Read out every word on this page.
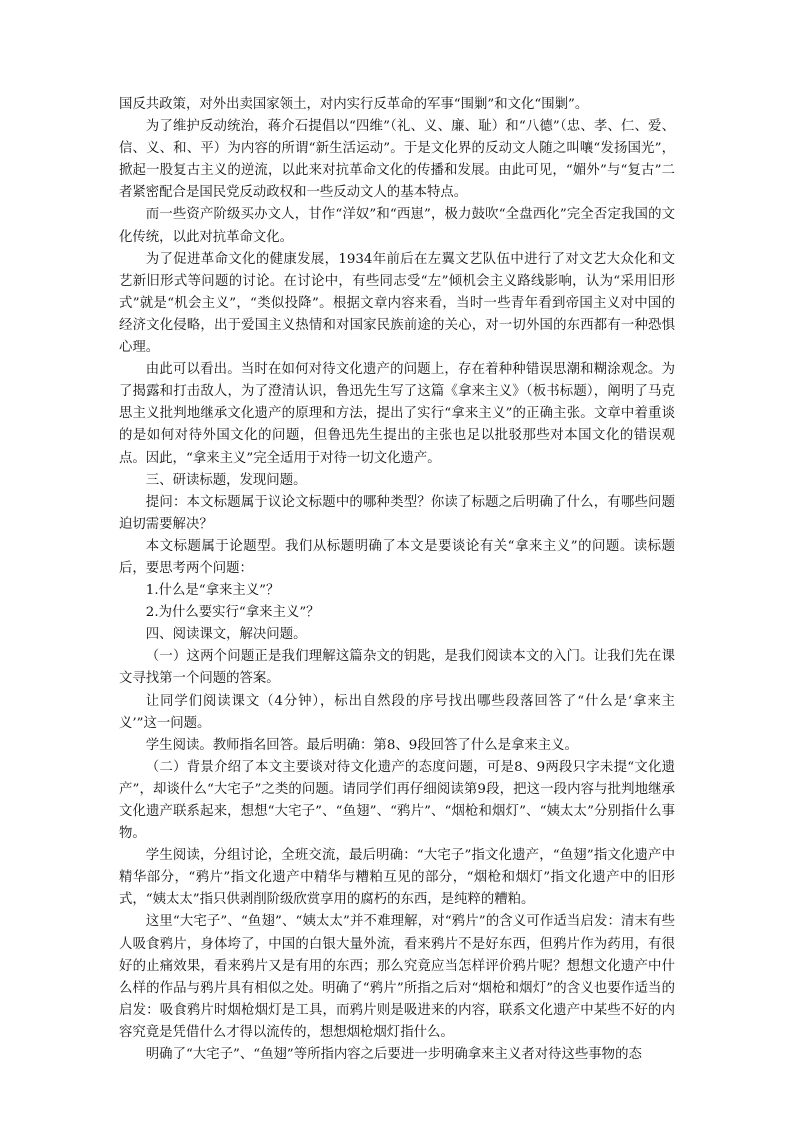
国反共政策，对外出卖国家领土，对内实行反革命的军事“围剿”和文化“围剿”。

为了维护反动统治，蒋介石提倡以“四维”（礼、义、廉、耻）和“八德”（忠、孝、仁、爱、信、义、和、平）为内容的所谓“新生活运动”。于是文化界的反动文人随之叫嚷“发扬国光”，掀起一股复古主义的逆流，以此来对抗革命文化的传播和发展。由此可见，“媚外”与“复古”二者紧密配合是国民党反动政权和一些反动文人的基本特点。

而一些资产阶级买办文人，甘作“洋奴”和“西崽”，极力鼓吹“全盘西化”完全否定我国的文化传统，以此对抗革命文化。

为了促进革命文化的健康发展，1934年前后在左翼文艺队伍中进行了对文艺大众化和文艺新旧形式等问题的讨论。在讨论中，有些同志受“左”倾机会主义路线影响，认为“采用旧形式”就是“机会主义”，“类似投降”。根据文章内容来看，当时一些青年看到帝国主义对中国的经济文化侵略，出于爱国主义热情和对国家民族前途的关心，对一切外国的东西都有一种恐惧心理。

由此可以看出。当时在如何对待文化遗产的问题上，存在着种种错误思潮和糊涂观念。为了揭露和打击敌人，为了澄清认识，鲁迅先生写了这篇《拿来主义》（板书标题），阐明了马克思主义批判地继承文化遗产的原理和方法，提出了实行“拿来主义”的正确主张。文章中着重谈的是如何对待外国文化的问题，但鲁迅先生提出的主张也足以批驳那些对本国文化的错误观点。因此，“拿来主义”完全适用于对待一切文化遗产。

三、研读标题，发现问题。

提问：本文标题属于议论文标题中的哪种类型？你读了标题之后明确了什么，有哪些问题迫切需要解决？

本文标题属于论题型。我们从标题明确了本文是要谈论有关“拿来主义”的问题。读标题后，要思考两个问题：

1.什么是“拿来主义”？

2.为什么要实行“拿来主义”？

四、阅读课文，解决问题。

（一）这两个问题正是我们理解这篇杂文的钥匙，是我们阅读本文的入门。让我们先在课文寻找第一个问题的答案。

让同学们阅读课文（4分钟），标出自然段的序号找出哪些段落回答了“什么是‘拿来主义’”这一问题。

学生阅读。教师指名回答。最后明确：第8、9段回答了什么是拿来主义。

（二）背景介绍了本文主要谈对待文化遗产的态度问题，可是8、9两段只字未提“文化遗产”，却谈什么“大宅子”之类的问题。请同学们再仔细阅读第9段，把这一段内容与批判地继承文化遗产联系起来，想想“大宅子”、“鱼翅”、“鸦片”、“烟枪和烟灯”、“姨太太”分别指什么事物。

学生阅读，分组讨论，全班交流，最后明确：“大宅子”指文化遗产，“鱼翅”指文化遗产中精华部分，“鸦片”指文化遗产中精华与糟粕互见的部分，“烟枪和烟灯”指文化遗产中的旧形式，“姨太太”指只供剥削阶级欣赏享用的腐朽的东西，是纯粹的糟粕。

这里“大宅子”、“鱼翅”、“姨太太”并不难理解，对“鸦片”的含义可作适当启发：清末有些人吸食鸦片，身体垮了，中国的白银大量外流，看来鸦片不是好东西，但鸦片作为药用，有很好的止痛效果，看来鸦片又是有用的东西；那么究竟应当怎样评价鸦片呢？想想文化遗产中什么样的作品与鸦片具有相似之处。明确了“鸦片”所指之后对“烟枪和烟灯”的含义也要作适当的启发：吸食鸦片时烟枪烟灯是工具，而鸦片则是吸进来的内容，联系文化遗产中某些不好的内容究竟是凭借什么才得以流传的，想想烟枪烟灯指什么。

明确了“大宅子”、“鱼翅”等所指内容之后要进一步明确拿来主义者对待这些事物的态
